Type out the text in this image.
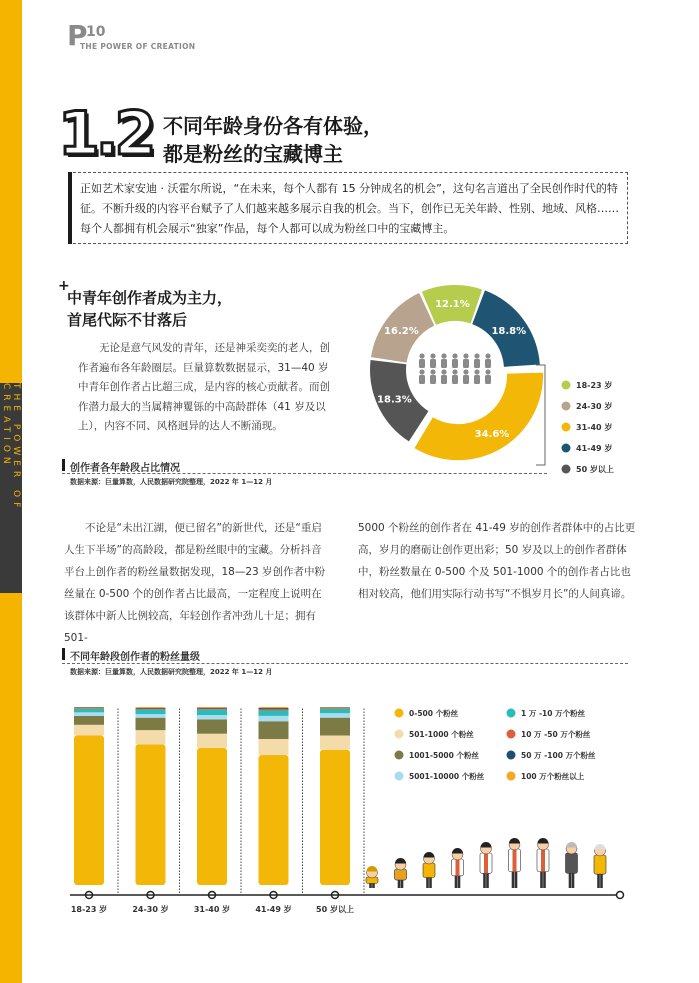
THE POWER OF CREATION
P 10
THE POWER OF CREATION
1.2 不同年龄身份各有体验，
都是粉丝的宝藏博主
正如艺术家安迪 · 沃霍尔所说，“在未来，每个人都有 15 分钟成名的机会”，这句名言道出了全民创作时代的特征。不断升级的内容平台赋予了人们越来越多展示自我的机会。当下，创作已无关年龄、性别、地域、风格……每个人都拥有机会展示“独家”作品，每个人都可以成为粉丝口中的宝藏博主。
+
中青年创作者成为主力，
首尾代际不甘落后
无论是意气风发的青年，还是神采奕奕的老人，创作者遍布各年龄圈层。巨量算数数据显示，31—40 岁中青年创作者占比超三成，是内容的核心贡献者。而创作潜力最大的当属精神矍铄的中高龄群体（41 岁及以上），内容不同、风格迥异的达人不断涌现。
创作者各年龄段占比情况
数据来源：巨量算数，人民数据研究院整理，2022 年 1—12 月
12.1%
18.8%
34.6%
18.3%
16.2%
18-23 岁
24-30 岁
31-40 岁
41-49 岁
50 岁以上
不论是“未出江湖，便已留名”的新世代，还是“重启人生下半场”的高龄段，都是粉丝眼中的宝藏。分析抖音平台上创作者的粉丝量数据发现，18—23 岁创作者中粉丝量在 0-500 个的创作者占比最高，一定程度上说明在该群体中新人比例较高，年轻创作者冲劲儿十足；拥有 501-
5000 个粉丝的创作者在 41-49 岁的创作者群体中的占比更高，岁月的磨砺让创作更出彩；50 岁及以上的创作者群体中，粉丝数量在 0-500 个及 501-1000 个的创作者占比也相对较高，他们用实际行动书写“不惧岁月长”的人间真谛。
不同年龄段创作者的粉丝量级
数据来源：巨量算数，人民数据研究院整理，2022 年 1—12 月
18-23 岁	24-30 岁	31-40 岁	41-49 岁	50 岁以上
0-500 个粉丝
501-1000 个粉丝
1001-5000 个粉丝
5001-10000 个粉丝
1 万 -10 万个粉丝
10 万 -50 万个粉丝
50 万 -100 万个粉丝
100 万个粉丝以上
